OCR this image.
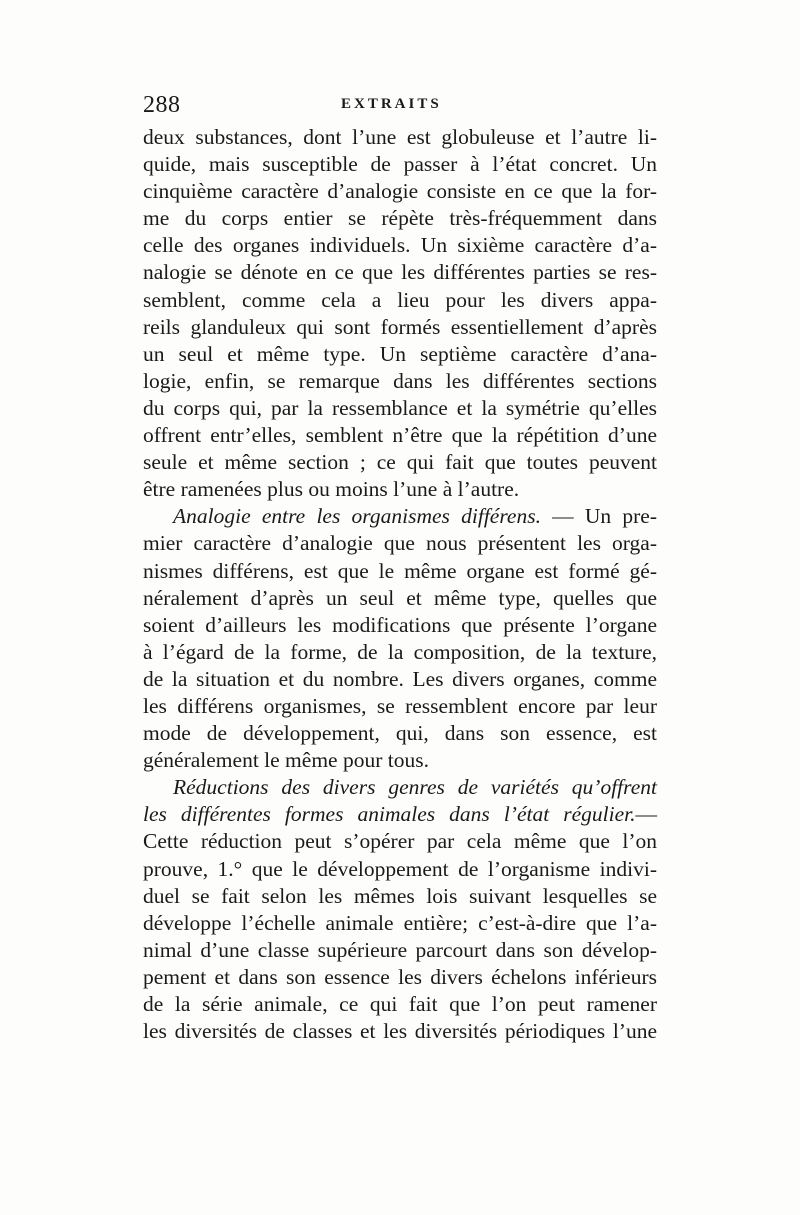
288	EXTRAITS
deux substances, dont l’une est globuleuse et l’autre li-
quide, mais susceptible de passer à l’état concret. Un
cinquième caractère d’analogie consiste en ce que la for-
me du corps entier se répète très-fréquemment dans
celle des organes individuels. Un sixième caractère d’a-
nalogie se dénote en ce que les différentes parties se res-
semblent, comme cela a lieu pour les divers appa-
reils glanduleux qui sont formés essentiellement d’après
un seul et même type. Un septième caractère d’ana-
logie, enfin, se remarque dans les différentes sections
du corps qui, par la ressemblance et la symétrie qu’elles
offrent entr’elles, semblent n’être que la répétition d’une
seule et même section ; ce qui fait que toutes peuvent
être ramenées plus ou moins l’une à l’autre.
Analogie entre les organismes différens. — Un pre-
mier caractère d’analogie que nous présentent les orga-
nismes différens, est que le même organe est formé gé-
néralement d’après un seul et même type, quelles que
soient d’ailleurs les modifications que présente l’organe
à l’égard de la forme, de la composition, de la texture,
de la situation et du nombre. Les divers organes, comme
les différens organismes, se ressemblent encore par leur
mode de développement, qui, dans son essence, est
généralement le même pour tous.
Réductions des divers genres de variétés qu’offrent
les différentes formes animales dans l’état régulier.—
Cette réduction peut s’opérer par cela même que l’on
prouve, 1.° que le développement de l’organisme indivi-
duel se fait selon les mêmes lois suivant lesquelles se
développe l’échelle animale entière; c’est-à-dire que l’a-
nimal d’une classe supérieure parcourt dans son dévelop-
pement et dans son essence les divers échelons inférieurs
de la série animale, ce qui fait que l’on peut ramener
les diversités de classes et les diversités périodiques l’une
